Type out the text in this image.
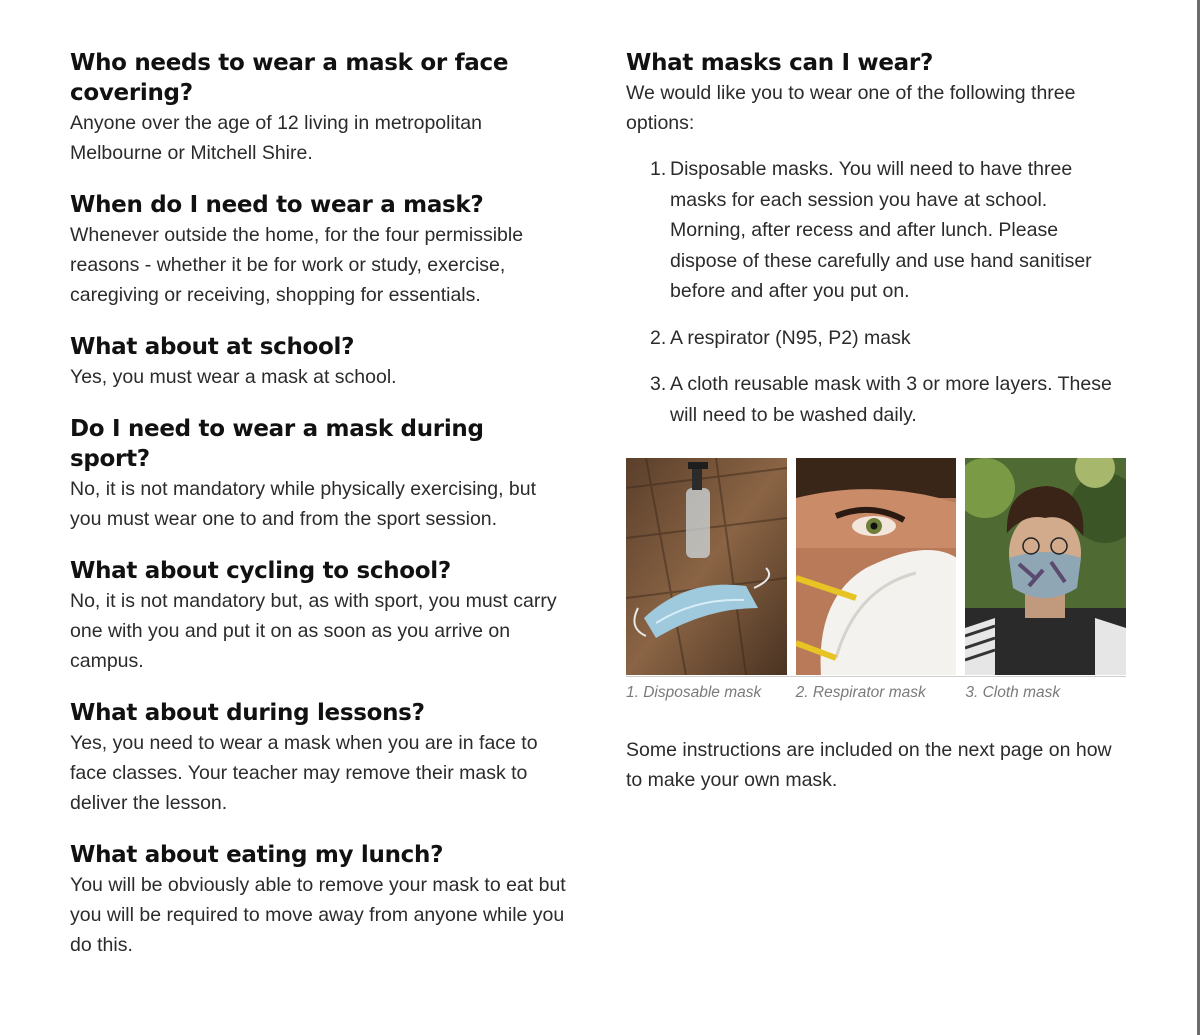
Who needs to wear a mask or face covering?

Anyone over the age of 12 living in metropolitan Melbourne or Mitchell Shire.

When do I need to wear a mask?

Whenever outside the home, for the four permissible reasons - whether it be for work or study, exercise, caregiving or receiving, shopping for essentials.

What about at school?

Yes, you must wear a mask at school.

Do I need to wear a mask during sport?

No, it is not mandatory while physically exercising, but you must wear one to and from the sport session.

What about cycling to school?

No, it is not mandatory but, as with sport, you must carry one with you and put it on as soon as you arrive on campus.

What about during lessons?

Yes, you need to wear a mask when you are in face to face classes. Your teacher may remove their mask to deliver the lesson.

What about eating my lunch?

You will be obviously able to remove your mask to eat but you will be required to move away from anyone while you do this.

What masks can I wear?

We would like you to wear one of the following three options:

1. Disposable masks. You will need to have three masks for each session you have at school. Morning, after recess and after lunch. Please dispose of these carefully and use hand sanitiser before and after you put on.
2. A respirator (N95, P2) mask
3. A cloth reusable mask with 3 or more layers. These will need to be washed daily.
1. Disposable mask	2. Respirator mask	3. Cloth mask

Some instructions are included on the next page on how to make your own mask.
